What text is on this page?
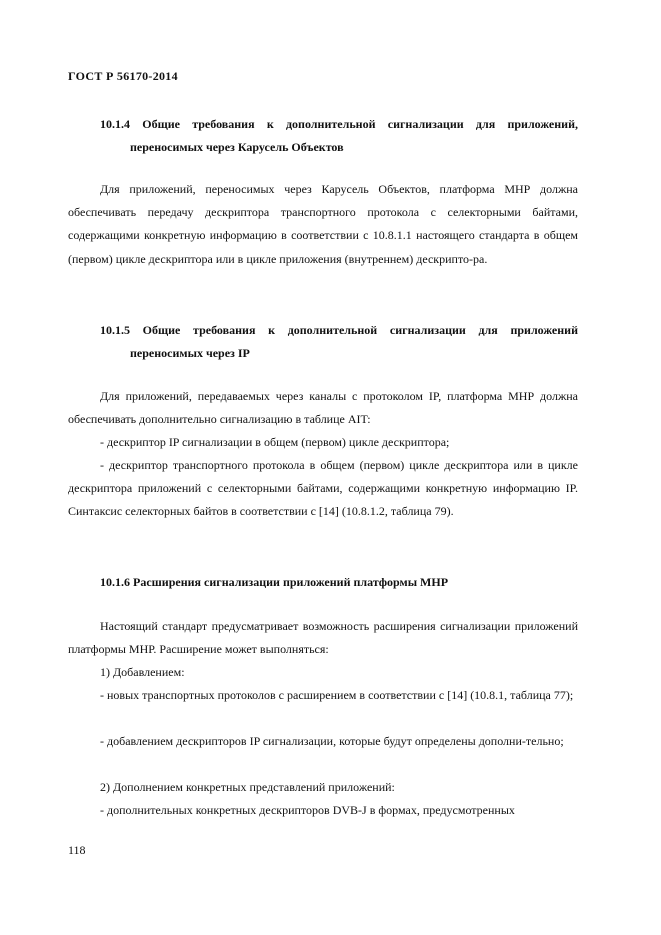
ГОСТ Р 56170-2014
10.1.4 Общие требования к дополнительной сигнализации для приложений,
переносимых через Карусель Объектов
Для приложений, переносимых через Карусель Объектов, платформа МНР должна обеспечивать передачу дескриптора транспортного протокола с селекторными байтами, содержащими конкретную информацию в соответствии с 10.8.1.1 настоящего стандарта в общем (первом) цикле дескриптора или в цикле приложения (внутреннем) дескрипто-ра.
10.1.5 Общие требования к дополнительной сигнализации для приложений
переносимых через IP
Для приложений, передаваемых через каналы с протоколом IP, платформа МНР должна обеспечивать дополнительно сигнализацию в таблице AIT:
- дескриптор IP сигнализации в общем (первом) цикле дескриптора;
- дескриптор транспортного протокола в общем (первом) цикле дескриптора или в цикле дескриптора приложений с селекторными байтами, содержащими конкретную информацию IP. Синтаксис селекторных байтов в соответствии с [14] (10.8.1.2, таблица 79).
10.1.6 Расширения сигнализации приложений платформы МНР
Настоящий стандарт предусматривает возможность расширения сигнализации приложений платформы МНР. Расширение может выполняться:
1) Добавлением:
- новых транспортных протоколов с расширением в соответствии с [14] (10.8.1, таблица 77);
- добавлением дескрипторов IP сигнализации, которые будут определены дополни-тельно;
2) Дополнением конкретных представлений приложений:
- дополнительных конкретных дескрипторов DVB-J в формах, предусмотренных
118
